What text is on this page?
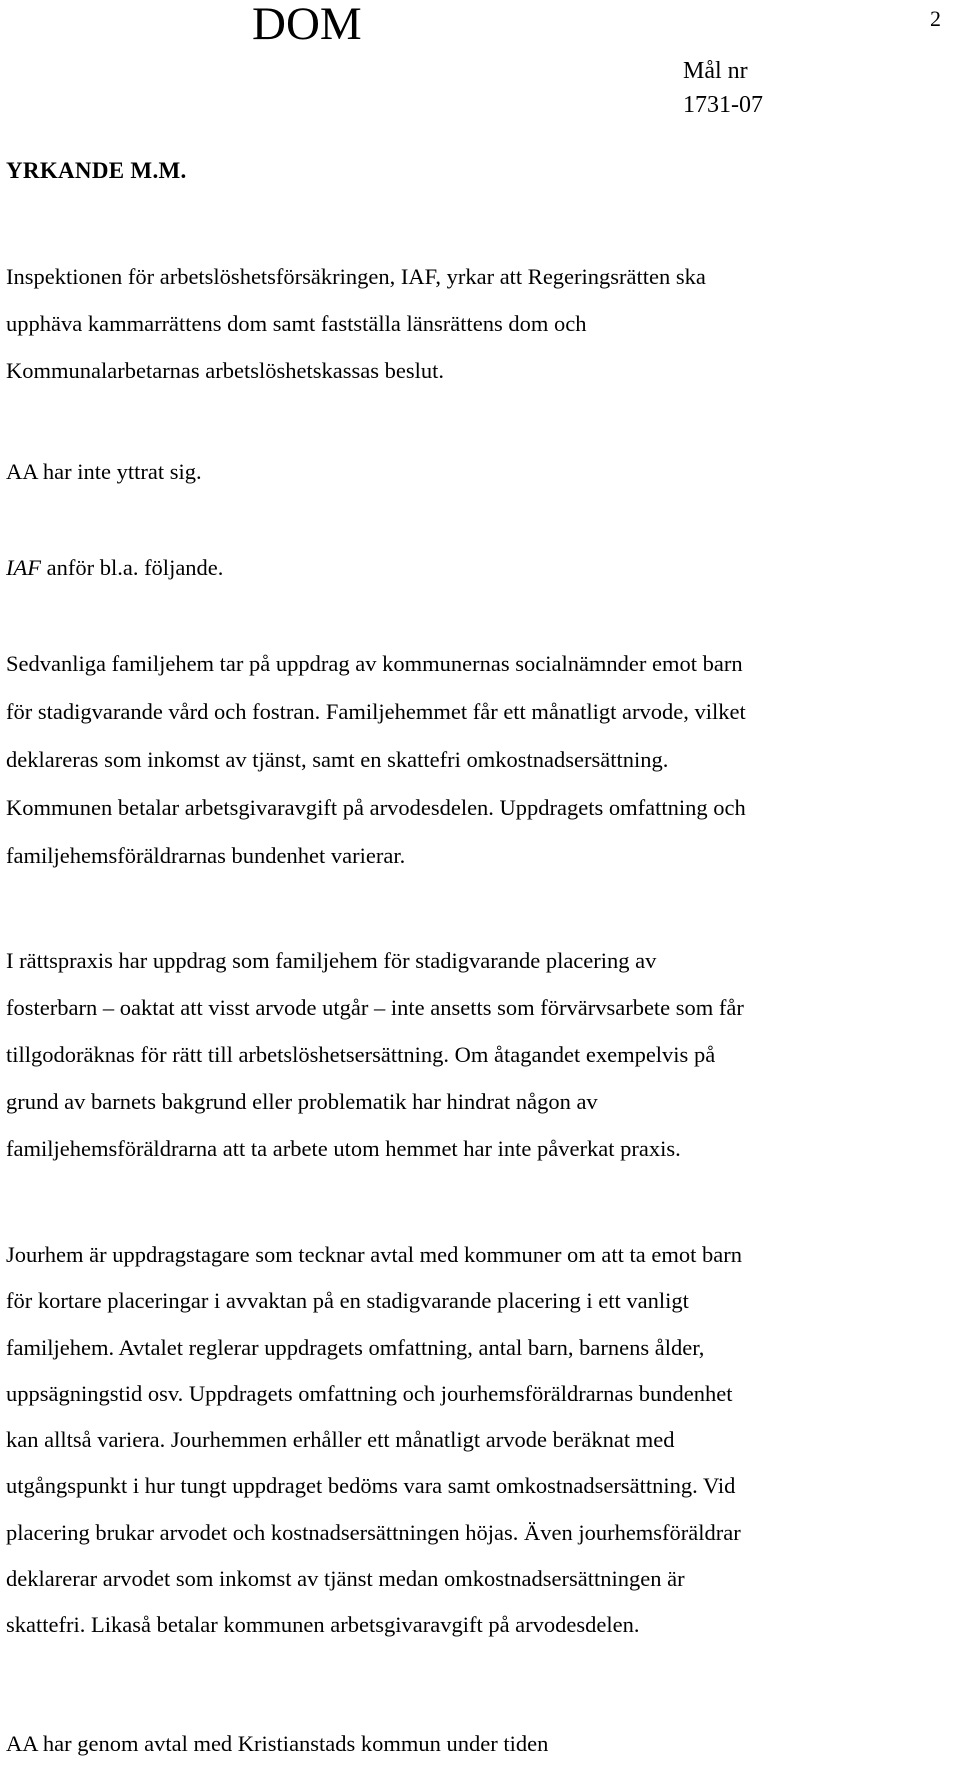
DOM	2
Mål nr
1731-07
YRKANDE M.M.

Inspektionen för arbetslöshetsförsäkringen, IAF, yrkar att Regeringsrätten ska
upphäva kammarrättens dom samt fastställa länsrättens dom och
Kommunalarbetarnas arbetslöshetskassas beslut.

AA har inte yttrat sig.

IAF anför bl.a. följande.

Sedvanliga familjehem tar på uppdrag av kommunernas socialnämnder emot barn
för stadigvarande vård och fostran. Familjehemmet får ett månatligt arvode, vilket
deklareras som inkomst av tjänst, samt en skattefri omkostnadsersättning.
Kommunen betalar arbetsgivaravgift på arvodesdelen. Uppdragets omfattning och
familjehemsföräldrarnas bundenhet varierar.

I rättspraxis har uppdrag som familjehem för stadigvarande placering av
fosterbarn – oaktat att visst arvode utgår – inte ansetts som förvärvsarbete som får
tillgodoräknas för rätt till arbetslöshetsersättning. Om åtagandet exempelvis på
grund av barnets bakgrund eller problematik har hindrat någon av
familjehemsföräldrarna att ta arbete utom hemmet har inte påverkat praxis.

Jourhem är uppdragstagare som tecknar avtal med kommuner om att ta emot barn
för kortare placeringar i avvaktan på en stadigvarande placering i ett vanligt
familjehem. Avtalet reglerar uppdragets omfattning, antal barn, barnens ålder,
uppsägningstid osv. Uppdragets omfattning och jourhemsföräldrarnas bundenhet
kan alltså variera. Jourhemmen erhåller ett månatligt arvode beräknat med
utgångspunkt i hur tungt uppdraget bedöms vara samt omkostnadsersättning. Vid
placering brukar arvodet och kostnadsersättningen höjas. Även jourhemsföräldrar
deklarerar arvodet som inkomst av tjänst medan omkostnadsersättningen är
skattefri. Likaså betalar kommunen arbetsgivaravgift på arvodesdelen.

AA har genom avtal med Kristianstads kommun under tiden
